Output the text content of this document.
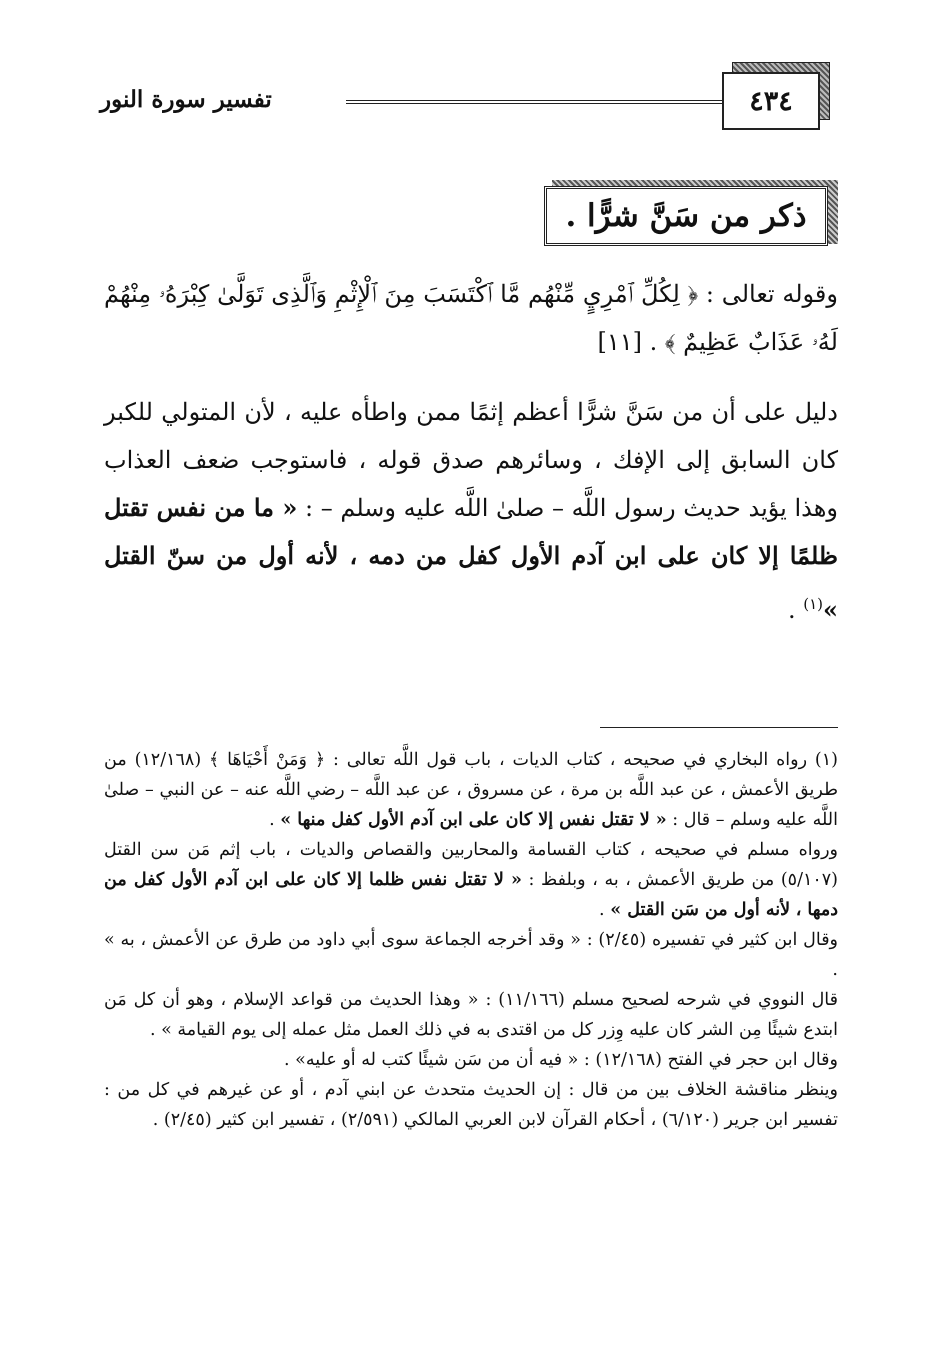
٤٣٤
تفسير سورة النور
ذكر من سَنَّ شرًّا .
وقوله تعالى : ﴿ لِكُلِّ ٱمْرِيٍ مِّنْهُم مَّا ٱكْتَسَبَ مِنَ ٱلْإِثْمِ وَٱلَّذِى تَوَلَّىٰ كِبْرَهُۥ مِنْهُمْ لَهُۥ عَذَابٌ عَظِيمٌ ﴾ . [١١]
دليل على أن من سَنَّ شرًّا أعظم إثمًا ممن واطأه عليه ، لأن المتولي للكبر كان السابق إلى الإفك ، وسائرهم صدق قوله ، فاستوجب ضعف العذاب وهذا يؤيد حديث رسول اللَّه – صلىٰ اللَّه عليه وسلم – : « ما من نفس تقتل ظلمًا إلا كان على ابن آدم الأول كفل من دمه ، لأنه أول من سنّ القتل »$^{(١)}$ .

(١) رواه البخاري في صحيحه ، كتاب الديات ، باب قول اللَّه تعالى : ﴿ وَمَنْ أَحْيَاهَا ﴾ (١٢/١٦٨) من طريق الأعمش ، عن عبد اللَّه بن مرة ، عن مسروق ، عن عبد اللَّه – رضي اللَّه عنه – عن النبي – صلىٰ اللَّه عليه وسلم – قال : « لا تقتل نفس إلا كان على ابن آدم الأول كفل منها » .

ورواه مسلم في صحيحه ، كتاب القسامة والمحاربين والقصاص والديات ، باب إثم مَن سن القتل (٥/١٠٧) من طريق الأعمش ، به ، وبلفظ : « لا تقتل نفس ظلما إلا كان على ابن آدم الأول كفل من دمها ، لأنه أول من سَن القتل » .

وقال ابن كثير في تفسيره (٢/٤٥) : « وقد أخرجه الجماعة سوى أبي داود من طرق عن الأعمش ، به » .

قال النووي في شرحه لصحيح مسلم (١١/١٦٦) : « وهذا الحديث من قواعد الإسلام ، وهو أن كل مَن ابتدع شيئًا مِن الشر كان عليه وِزر كل من اقتدى به في ذلك العمل مثل عمله إلى يوم القيامة » .

وقال ابن حجر في الفتح (١٢/١٦٨) : « فيه أن من سَن شيئًا كتب له أو عليه» .

وينظر مناقشة الخلاف بين من قال : إن الحديث متحدث عن ابني آدم ، أو عن غيرهم في كل من : تفسير ابن جرير (٦/١٢٠) ، أحكام القرآن لابن العربي المالكي (٢/٥٩١) ، تفسير ابن كثير (٢/٤٥) .
